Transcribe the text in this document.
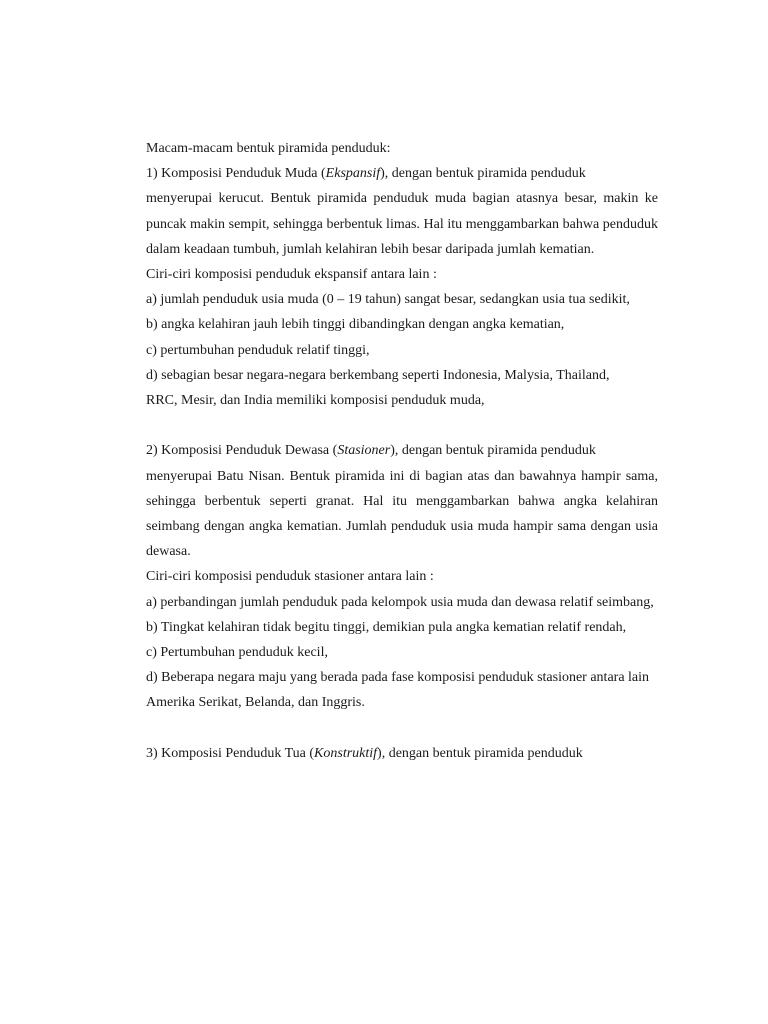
Macam-macam bentuk piramida penduduk:

1) Komposisi Penduduk Muda (Ekspansif), dengan bentuk piramida penduduk

menyerupai kerucut. Bentuk piramida penduduk muda bagian atasnya besar, makin ke puncak makin sempit, sehingga berbentuk limas. Hal itu menggambarkan bahwa penduduk dalam keadaan tumbuh, jumlah kelahiran lebih besar daripada jumlah kematian.

Ciri-ciri komposisi penduduk ekspansif antara lain :

a) jumlah penduduk usia muda (0 – 19 tahun) sangat besar, sedangkan usia tua sedikit,

b) angka kelahiran jauh lebih tinggi dibandingkan dengan angka kematian,

c) pertumbuhan penduduk relatif tinggi,

d) sebagian besar negara-negara berkembang seperti Indonesia, Malysia, Thailand,

RRC, Mesir, dan India memiliki komposisi penduduk muda,

2) Komposisi Penduduk Dewasa (Stasioner), dengan bentuk piramida penduduk

menyerupai Batu Nisan. Bentuk piramida ini di bagian atas dan bawahnya hampir sama, sehingga berbentuk seperti granat. Hal itu menggambarkan bahwa angka kelahiran seimbang dengan angka kematian. Jumlah penduduk usia muda hampir sama dengan usia dewasa.

Ciri-ciri komposisi penduduk stasioner antara lain :

a) perbandingan jumlah penduduk pada kelompok usia muda dan dewasa relatif seimbang,

b) Tingkat kelahiran tidak begitu tinggi, demikian pula angka kematian relatif rendah,

c) Pertumbuhan penduduk kecil,

d) Beberapa negara maju yang berada pada fase komposisi penduduk stasioner antara lain Amerika Serikat, Belanda, dan Inggris.

3) Komposisi Penduduk Tua (Konstruktif), dengan bentuk piramida penduduk
